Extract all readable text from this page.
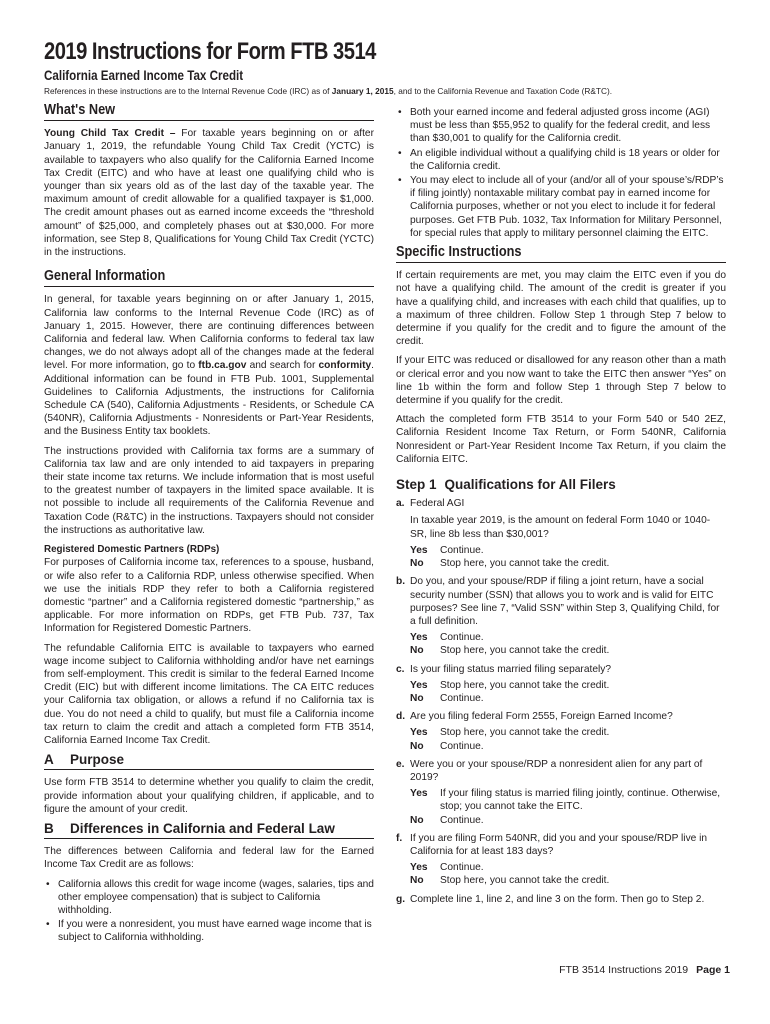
2019 Instructions for Form FTB 3514
California Earned Income Tax Credit
References in these instructions are to the Internal Revenue Code (IRC) as of January 1, 2015, and to the California Revenue and Taxation Code (R&TC).
What's New

Young Child Tax Credit – For taxable years beginning on or after January 1, 2019, the refundable Young Child Tax Credit (YCTC) is available to taxpayers who also qualify for the California Earned Income Tax Credit (EITC) and who have at least one qualifying child who is younger than six years old as of the last day of the taxable year. The maximum amount of credit allowable for a qualified taxpayer is $1,000. The credit amount phases out as earned income exceeds the “threshold amount” of $25,000, and completely phases out at $30,000. For more information, see Step 8, Qualifications for Young Child Tax Credit (YCTC) in the instructions.

General Information

In general, for taxable years beginning on or after January 1, 2015, California law conforms to the Internal Revenue Code (IRC) as of January 1, 2015. However, there are continuing differences between California and federal law. When California conforms to federal tax law changes, we do not always adopt all of the changes made at the federal level. For more information, go to ftb.ca.gov and search for conformity. Additional information can be found in FTB Pub. 1001, Supplemental Guidelines to California Adjustments, the instructions for California Schedule CA (540), California Adjustments - Residents, or Schedule CA (540NR), California Adjustments - Nonresidents or Part-Year Residents, and the Business Entity tax booklets.

The instructions provided with California tax forms are a summary of California tax law and are only intended to aid taxpayers in preparing their state income tax returns. We include information that is most useful to the greatest number of taxpayers in the limited space available. It is not possible to include all requirements of the California Revenue and Taxation Code (R&TC) in the instructions. Taxpayers should not consider the instructions as authoritative law.

Registered Domestic Partners (RDPs)

For purposes of California income tax, references to a spouse, husband, or wife also refer to a California RDP, unless otherwise specified. When we use the initials RDP they refer to both a California registered domestic “partner” and a California registered domestic “partnership,” as applicable. For more information on RDPs, get FTB Pub. 737, Tax Information for Registered Domestic Partners.

The refundable California EITC is available to taxpayers who earned wage income subject to California withholding and/or have net earnings from self-employment. This credit is similar to the federal Earned Income Credit (EIC) but with different income limitations. The CA EITC reduces your California tax obligation, or allows a refund if no California tax is due. You do not need a child to qualify, but must file a California income tax return to claim the credit and attach a completed form FTB 3514, California Earned Income Tax Credit.

A Purpose

Use form FTB 3514 to determine whether you qualify to claim the credit, provide information about your qualifying children, if applicable, and to figure the amount of your credit.

B Differences in California and Federal Law

The differences between California and federal law for the Earned Income Tax Credit are as follows:

• California allows this credit for wage income (wages, salaries, tips and other employee compensation) that is subject to California withholding.
• If you were a nonresident, you must have earned wage income that is subject to California withholding.
• Both your earned income and federal adjusted gross income (AGI) must be less than $55,952 to qualify for the federal credit, and less than $30,001 to qualify for the California credit.
• An eligible individual without a qualifying child is 18 years or older for the California credit.
• You may elect to include all of your (and/or all of your spouse’s/RDP’s if filing jointly) nontaxable military combat pay in earned income for California purposes, whether or not you elect to include it for federal purposes. Get FTB Pub. 1032, Tax Information for Military Personnel, for special rules that apply to military personnel claiming the EITC.
Specific Instructions

If certain requirements are met, you may claim the EITC even if you do not have a qualifying child. The amount of the credit is greater if you have a qualifying child, and increases with each child that qualifies, up to a maximum of three children. Follow Step 1 through Step 7 below to determine if you qualify for the credit and to figure the amount of the credit.

If your EITC was reduced or disallowed for any reason other than a math or clerical error and you now want to take the EITC then answer “Yes” on line 1b within the form and follow Step 1 through Step 7 below to determine if you qualify for the credit.

Attach the completed form FTB 3514 to your Form 540 or 540 2EZ, California Resident Income Tax Return, or Form 540NR, California Nonresident or Part-Year Resident Income Tax Return, if you claim the California EITC.

Step 1 Qualifications for All Filers
a. Federal AGI
In taxable year 2019, is the amount on federal Form 1040 or 1040-SR, line 8b less than $30,001?
Yes	Continue.
No	Stop here, you cannot take the credit.
b. Do you, and your spouse/RDP if filing a joint return, have a social security number (SSN) that allows you to work and is valid for EITC purposes? See line 7, “Valid SSN” within Step 3, Qualifying Child, for a full definition.
Yes	Continue.
No	Stop here, you cannot take the credit.
c. Is your filing status married filing separately?
Yes	Stop here, you cannot take the credit.
No	Continue.
d. Are you filing federal Form 2555, Foreign Earned Income?
Yes	Stop here, you cannot take the credit.
No	Continue.
e. Were you or your spouse/RDP a nonresident alien for any part of 2019?
Yes	If your filing status is married filing jointly, continue. Otherwise, stop; you cannot take the EITC.
No	Continue.
f. If you are filing Form 540NR, did you and your spouse/RDP live in California for at least 183 days?
Yes	Continue.
No	Stop here, you cannot take the credit.
g. Complete line 1, line 2, and line 3 on the form. Then go to Step 2.
FTB 3514 Instructions 2019 Page 1
